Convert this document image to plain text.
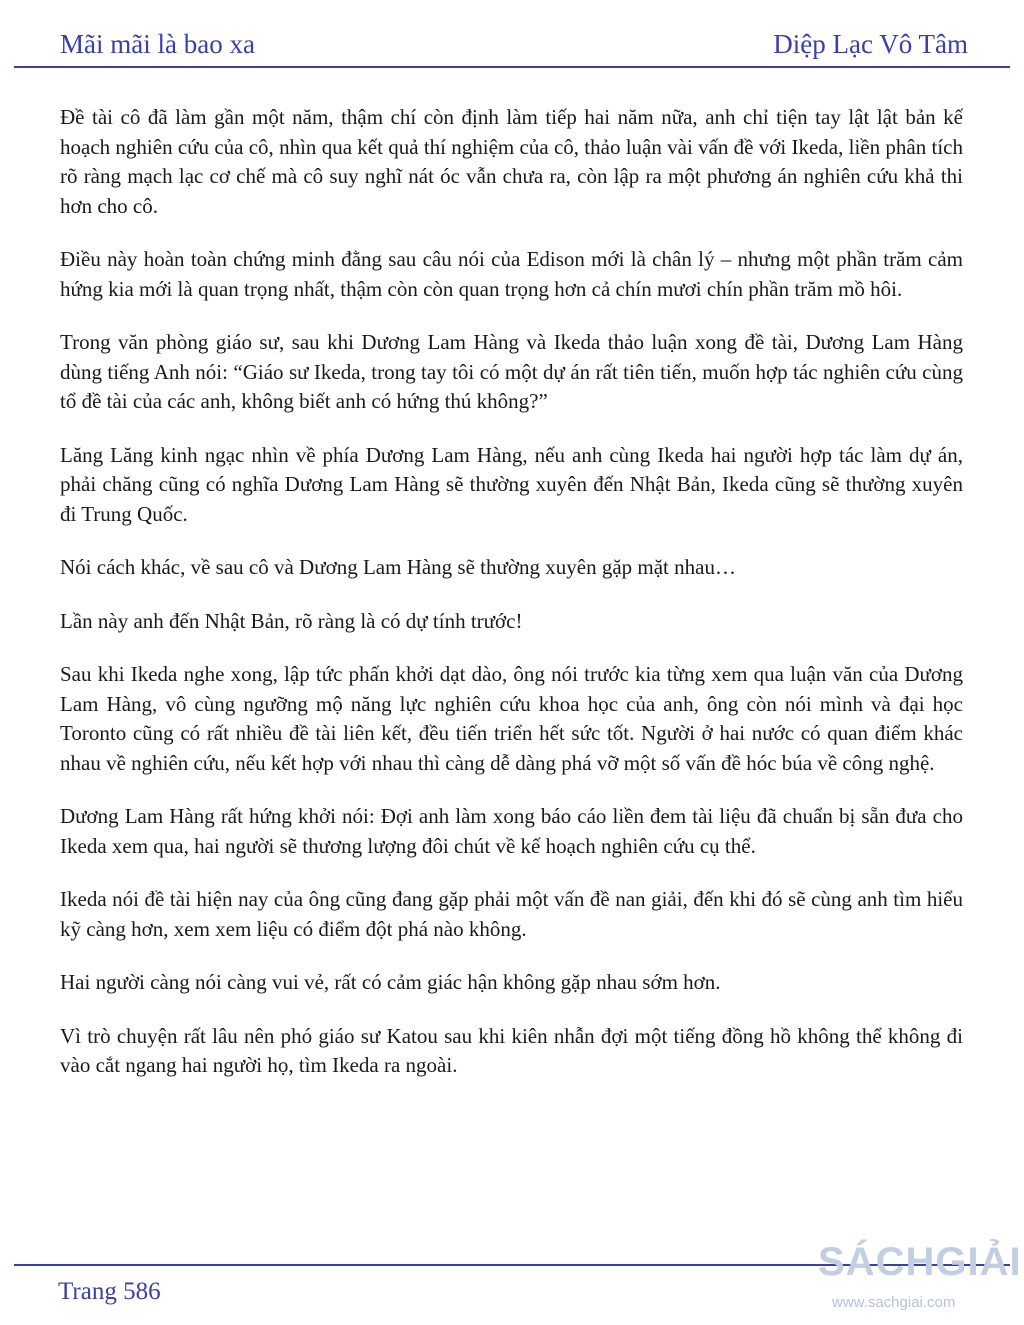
Mãi mãi là bao xa	Diệp Lạc Vô Tâm

Đề tài cô đã làm gần một năm, thậm chí còn định làm tiếp hai năm nữa, anh chỉ tiện tay lật lật bản kế hoạch nghiên cứu của cô, nhìn qua kết quả thí nghiệm của cô, thảo luận vài vấn đề với Ikeda, liền phân tích rõ ràng mạch lạc cơ chế mà cô suy nghĩ nát óc vẫn chưa ra, còn lập ra một phương án nghiên cứu khả thi hơn cho cô.

Điều này hoàn toàn chứng minh đằng sau câu nói của Edison mới là chân lý – nhưng một phần trăm cảm hứng kia mới là quan trọng nhất, thậm còn còn quan trọng hơn cả chín mươi chín phần trăm mồ hôi.

Trong văn phòng giáo sư, sau khi Dương Lam Hàng và Ikeda thảo luận xong đề tài, Dương Lam Hàng dùng tiếng Anh nói: “Giáo sư Ikeda, trong tay tôi có một dự án rất tiên tiến, muốn hợp tác nghiên cứu cùng tổ đề tài của các anh, không biết anh có hứng thú không?”

Lăng Lăng kinh ngạc nhìn về phía Dương Lam Hàng, nếu anh cùng Ikeda hai người hợp tác làm dự án, phải chăng cũng có nghĩa Dương Lam Hàng sẽ thường xuyên đến Nhật Bản, Ikeda cũng sẽ thường xuyên đi Trung Quốc.

Nói cách khác, về sau cô và Dương Lam Hàng sẽ thường xuyên gặp mặt nhau…

Lần này anh đến Nhật Bản, rõ ràng là có dự tính trước!

Sau khi Ikeda nghe xong, lập tức phấn khởi dạt dào, ông nói trước kia từng xem qua luận văn của Dương Lam Hàng, vô cùng ngưỡng mộ năng lực nghiên cứu khoa học của anh, ông còn nói mình và đại học Toronto cũng có rất nhiều đề tài liên kết, đều tiến triển hết sức tốt. Người ở hai nước có quan điểm khác nhau về nghiên cứu, nếu kết hợp với nhau thì càng dễ dàng phá vỡ một số vấn đề hóc búa về công nghệ.

Dương Lam Hàng rất hứng khởi nói: Đợi anh làm xong báo cáo liền đem tài liệu đã chuẩn bị sẵn đưa cho Ikeda xem qua, hai người sẽ thương lượng đôi chút về kế hoạch nghiên cứu cụ thể.

Ikeda nói đề tài hiện nay của ông cũng đang gặp phải một vấn đề nan giải, đến khi đó sẽ cùng anh tìm hiểu kỹ càng hơn, xem xem liệu có điểm đột phá nào không.

Hai người càng nói càng vui vẻ, rất có cảm giác hận không gặp nhau sớm hơn.

Vì trò chuyện rất lâu nên phó giáo sư Katou sau khi kiên nhẫn đợi một tiếng đồng hồ không thể không đi vào cắt ngang hai người họ, tìm Ikeda ra ngoài.

Trang 586
SÁCHGIẢI
www.sachgiai.com
